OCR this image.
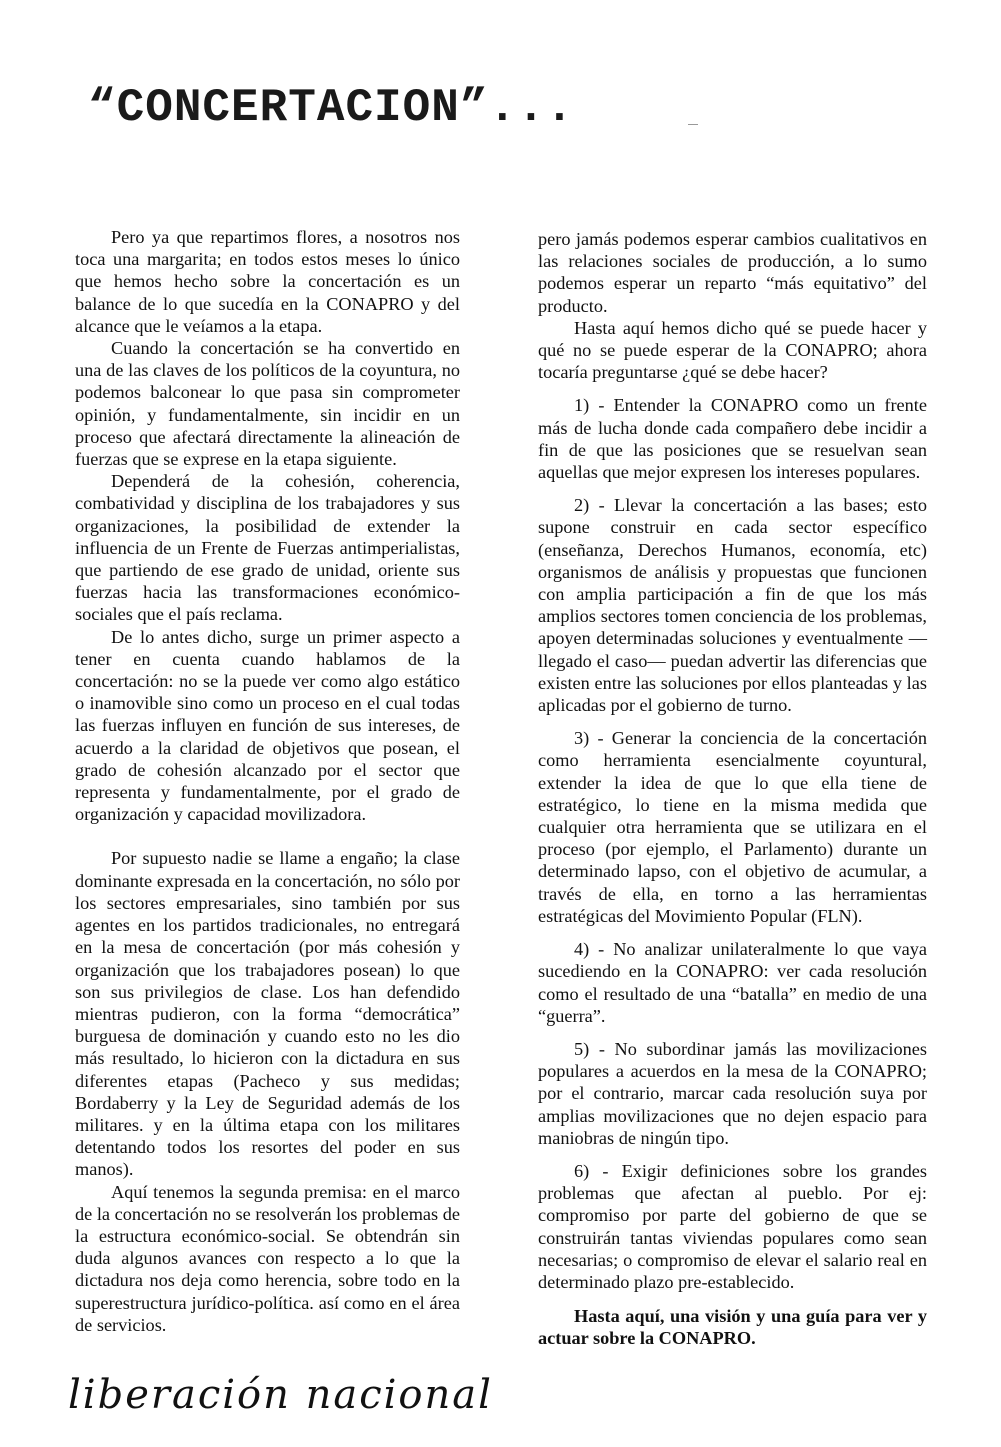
“CONCERTACION”...

Pero ya que repartimos flores, a nosotros nos toca una margarita; en todos estos meses lo único que hemos hecho sobre la concertación es un balance de lo que sucedía en la CONAPRO y del alcance que le veíamos a la etapa.

Cuando la concertación se ha convertido en una de las claves de los políticos de la coyuntura, no podemos balconear lo que pasa sin comprometer opinión, y fundamentalmente, sin incidir en un proceso que afectará directamente la alineación de fuerzas que se exprese en la etapa siguiente.

Dependerá de la cohesión, coherencia, combatividad y disciplina de los trabajadores y sus organizaciones, la posibilidad de extender la influencia de un Frente de Fuerzas antimperialistas, que partiendo de ese grado de unidad, oriente sus fuerzas hacia las transformaciones económico-sociales que el país reclama.

De lo antes dicho, surge un primer aspecto a tener en cuenta cuando hablamos de la concertación: no se la puede ver como algo estático o inamovible sino como un proceso en el cual todas las fuerzas influyen en función de sus intereses, de acuerdo a la claridad de objetivos que posean, el grado de cohesión alcanzado por el sector que representa y fundamentalmente, por el grado de organización y capacidad movilizadora.

Por supuesto nadie se llame a engaño; la clase dominante expresada en la concertación, no sólo por los sectores empresariales, sino también por sus agentes en los partidos tradicionales, no entregará en la mesa de concertación (por más cohesión y organización que los trabajadores posean) lo que son sus privilegios de clase. Los han defendido mientras pudieron, con la forma “democrática” burguesa de dominación y cuando esto no les dio más resultado, lo hicieron con la dictadura en sus diferentes etapas (Pacheco y sus medidas; Bordaberry y la Ley de Seguridad además de los militares. y en la última etapa con los militares detentando todos los resortes del poder en sus manos).

Aquí tenemos la segunda premisa: en el marco de la concertación no se resolverán los problemas de la estructura económico-social. Se obtendrán sin duda algunos avances con respecto a lo que la dictadura nos deja como herencia, sobre todo en la superestructura jurídico-política. así como en el área de servicios.

pero jamás podemos esperar cambios cualitativos en las relaciones sociales de producción, a lo sumo podemos esperar un reparto “más equitativo” del producto.

Hasta aquí hemos dicho qué se puede hacer y qué no se puede esperar de la CONAPRO; ahora tocaría preguntarse ¿qué se debe hacer?

1) - Entender la CONAPRO como un frente más de lucha donde cada compañero debe incidir a fin de que las posiciones que se resuelvan sean aquellas que mejor expresen los intereses populares.

2) - Llevar la concertación a las bases; esto supone construir en cada sector específico (enseñanza, Derechos Humanos, economía, etc) organismos de análisis y propuestas que funcionen con amplia participación a fin de que los más amplios sectores tomen conciencia de los problemas, apoyen determinadas soluciones y eventualmente —llegado el caso— puedan advertir las diferencias que existen entre las soluciones por ellos planteadas y las aplicadas por el gobierno de turno.

3) - Generar la conciencia de la concertación como herramienta esencialmente coyuntural, extender la idea de que lo que ella tiene de estratégico, lo tiene en la misma medida que cualquier otra herramienta que se utilizara en el proceso (por ejemplo, el Parlamento) durante un determinado lapso, con el objetivo de acumular, a través de ella, en torno a las herramientas estratégicas del Movimiento Popular (FLN).

4) - No analizar unilateralmente lo que vaya sucediendo en la CONAPRO: ver cada resolución como el resultado de una “batalla” en medio de una “guerra”.

5) - No subordinar jamás las movilizaciones populares a acuerdos en la mesa de la CONAPRO; por el contrario, marcar cada resolución suya por amplias movilizaciones que no dejen espacio para maniobras de ningún tipo.

6) - Exigir definiciones sobre los grandes problemas que afectan al pueblo. Por ej: compromiso por parte del gobierno de que se construirán tantas viviendas populares como sean necesarias; o compromiso de elevar el salario real en determinado plazo pre-establecido.

Hasta aquí, una visión y una guía para ver y actuar sobre la CONAPRO.

liberación nacional
